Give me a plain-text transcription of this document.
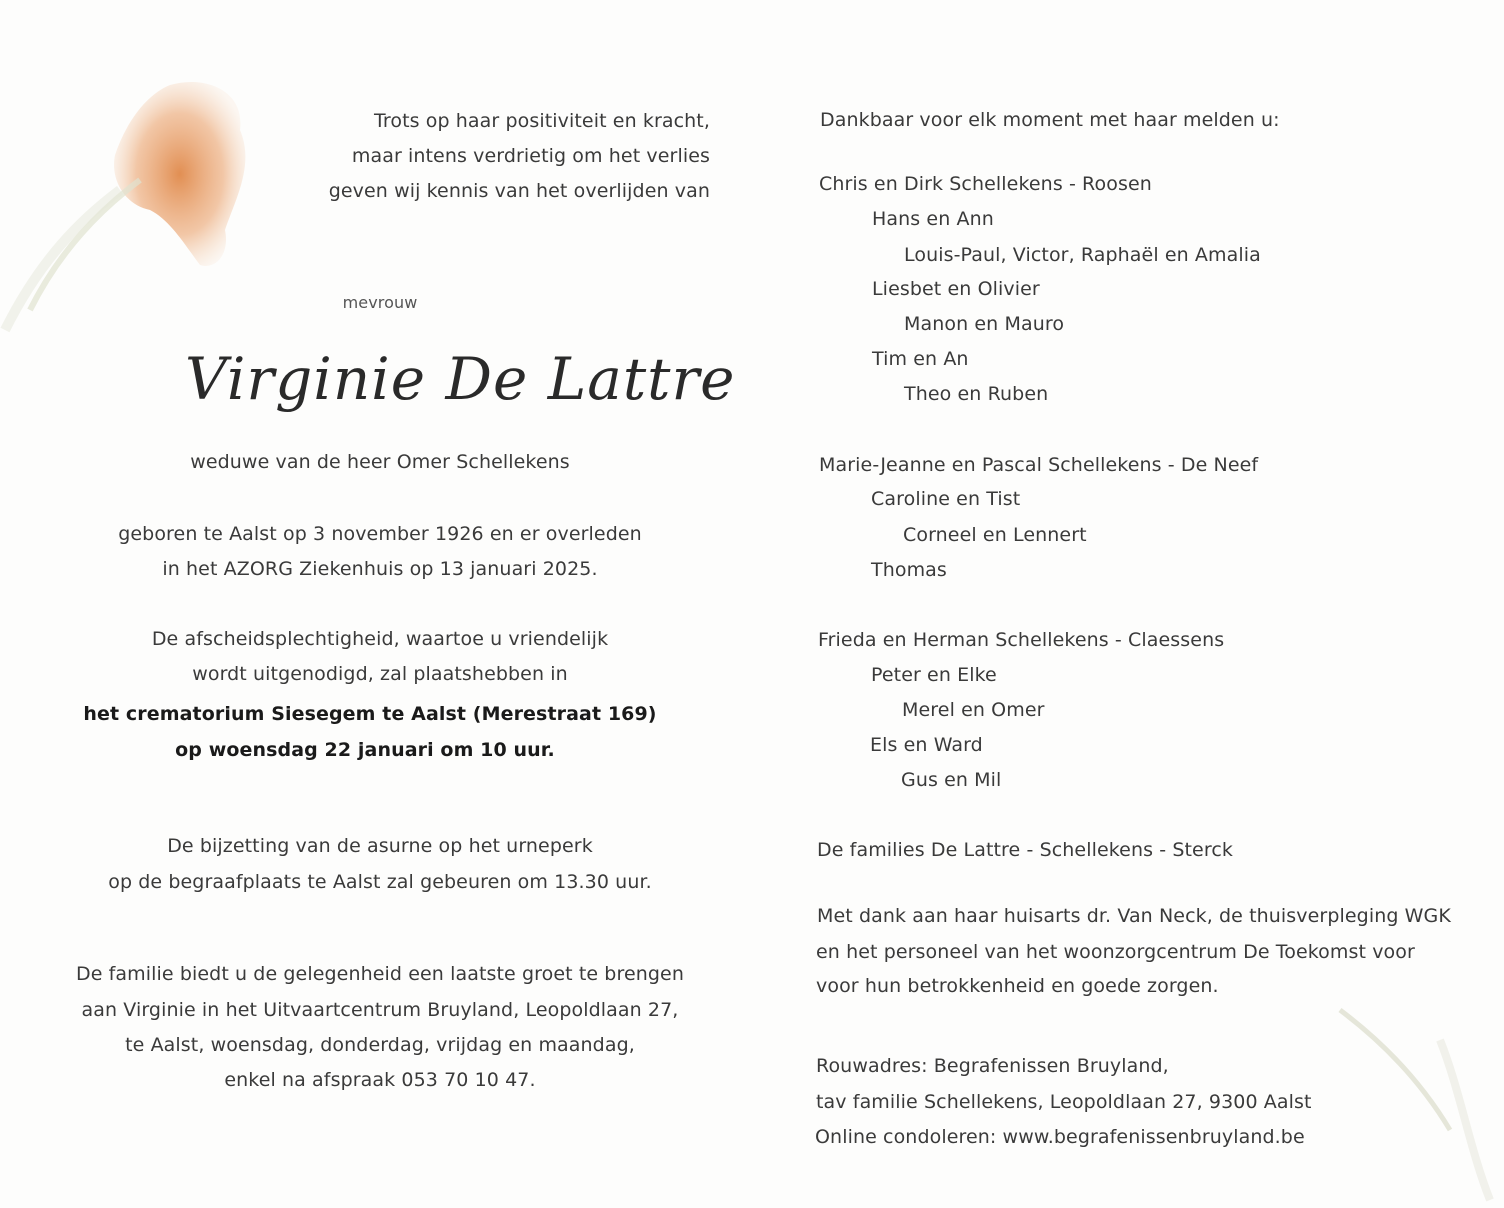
Trots op haar positiviteit en kracht,
maar intens verdrietig om het verlies
geven wij kennis van het overlijden van
mevrouw
Virginie De Lattre
weduwe van de heer Omer Schellekens
geboren te Aalst op 3 november 1926 en er overleden
in het AZORG Ziekenhuis op 13 januari 2025.
De afscheidsplechtigheid, waartoe u vriendelijk
wordt uitgenodigd, zal plaatshebben in
het crematorium Siesegem te Aalst (Merestraat 169)
op woensdag 22 januari om 10 uur.
De bijzetting van de asurne op het urneperk
op de begraafplaats te Aalst zal gebeuren om 13.30 uur.
De familie biedt u de gelegenheid een laatste groet te brengen
aan Virginie in het Uitvaartcentrum Bruyland, Leopoldlaan 27,
te Aalst, woensdag, donderdag, vrijdag en maandag,
enkel na afspraak 053 70 10 47.
Dankbaar voor elk moment met haar melden u:
Chris en Dirk Schellekens - Roosen
Hans en Ann
Louis-Paul, Victor, Raphaël en Amalia
Liesbet en Olivier
Manon en Mauro
Tim en An
Theo en Ruben
Marie-Jeanne en Pascal Schellekens - De Neef
Caroline en Tist
Corneel en Lennert
Thomas
Frieda en Herman Schellekens - Claessens
Peter en Elke
Merel en Omer
Els en Ward
Gus en Mil
De families De Lattre - Schellekens - Sterck
Met dank aan haar huisarts dr. Van Neck, de thuisverpleging WGK
en het personeel van het woonzorgcentrum De Toekomst voor
voor hun betrokkenheid en goede zorgen.
Rouwadres: Begrafenissen Bruyland,
tav familie Schellekens, Leopoldlaan 27, 9300 Aalst
Online condoleren: www.begrafenissenbruyland.be
